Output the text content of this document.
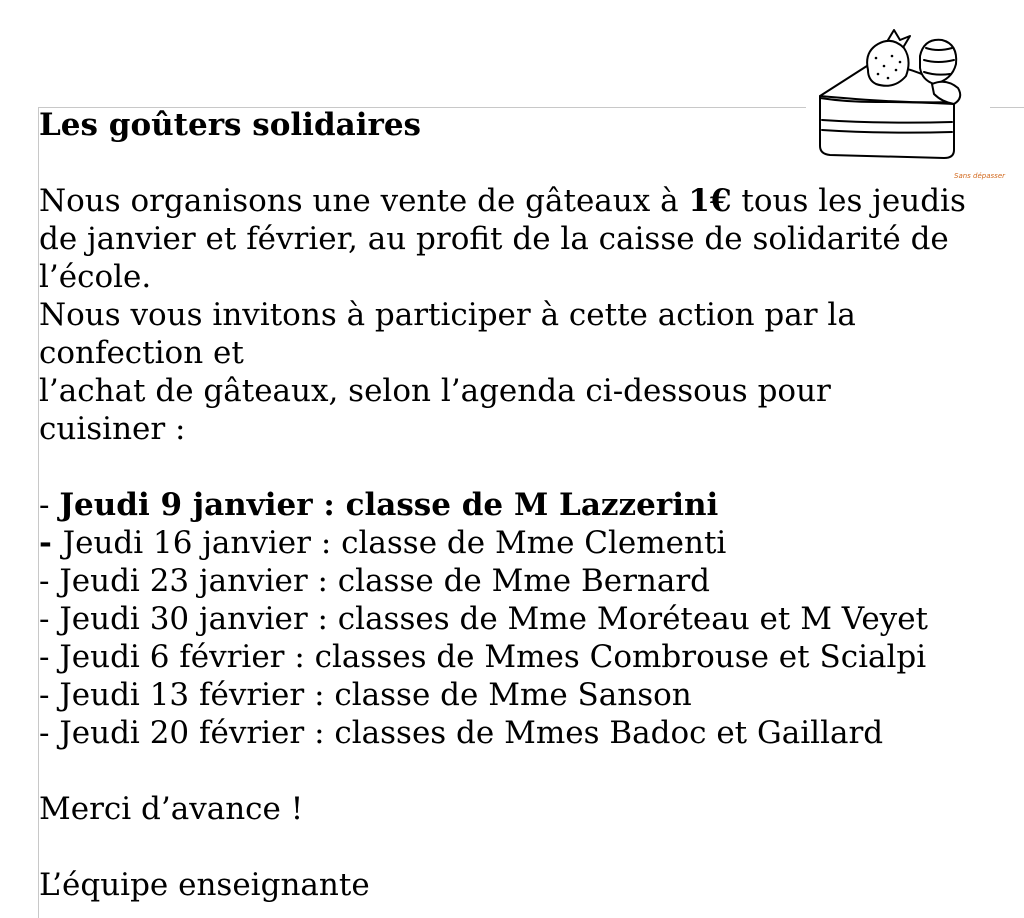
Sans dépasser
Les goûters solidaires
Nous organisons une vente de gâteaux à 1€ tous les jeudis
de janvier et février, au profit de la caisse de solidarité de
l’école.
Nous vous invitons à participer à cette action par la
confection et
l’achat de gâteaux, selon l’agenda ci-dessous pour
cuisiner :
- Jeudi 9 janvier : classe de M Lazzerini
- Jeudi 16 janvier : classe de Mme Clementi
- Jeudi 23 janvier : classe de Mme Bernard
- Jeudi 30 janvier : classes de Mme Moréteau et M Veyet
- Jeudi 6 février : classes de Mmes Combrouse et Scialpi
- Jeudi 13 février : classe de Mme Sanson
- Jeudi 20 février : classes de Mmes Badoc et Gaillard
Merci d’avance !
L’équipe enseignante
